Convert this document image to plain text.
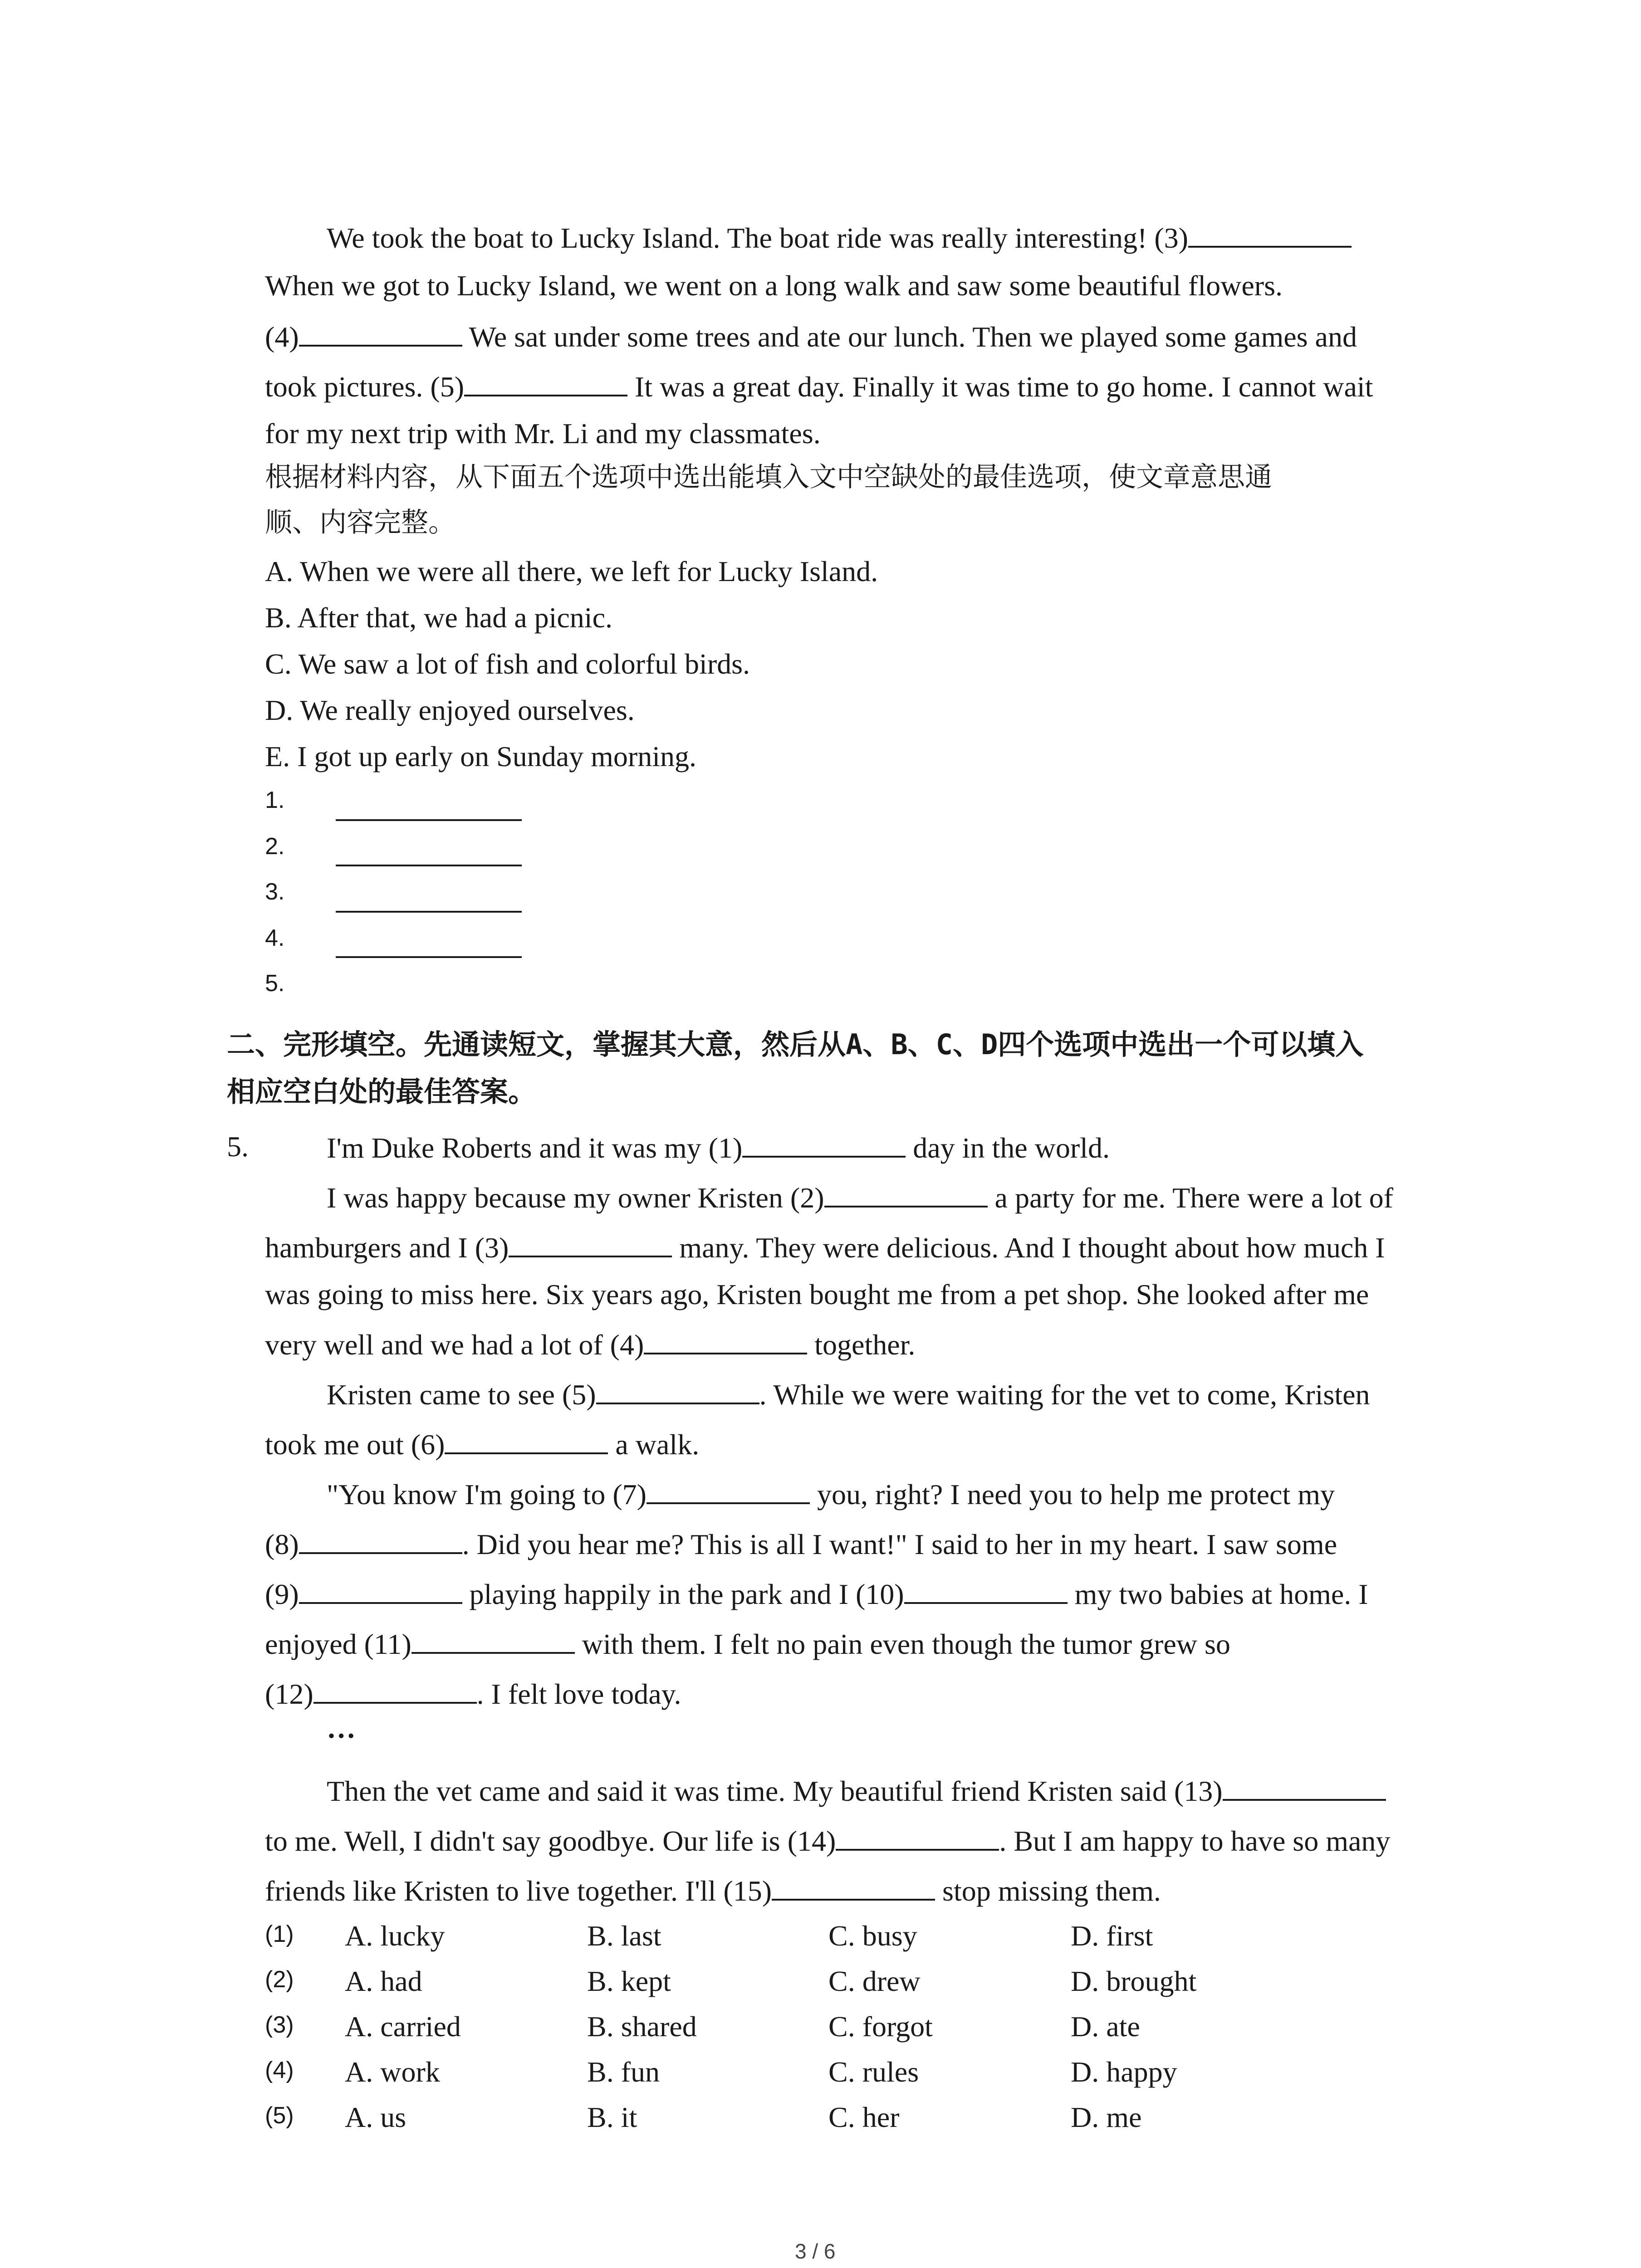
We took the boat to Lucky Island. The boat ride was really interesting! (3)
When we got to Lucky Island, we went on a long walk and saw some beautiful flowers.
(4)	We sat under some trees and ate our lunch. Then we played some games and
took pictures. (5)	It was a great day. Finally it was time to go home. I cannot wait
for my next trip with Mr. Li and my classmates.
根据材料内容，从下面五个选项中选出能填入文中空缺处的最佳选项，使文章意思通
顺、内容完整。
A. When we were all there, we left for Lucky Island.
B. After that, we had a picnic.
C. We saw a lot of fish and colorful birds.
D. We really enjoyed ourselves.
E. I got up early on Sunday morning.
1.
2.
3.
4.
5.
二、完形填空。先通读短文，掌握其大意，然后从A、B、C、D四个选项中选出一个可以填入
相应空白处的最佳答案。
5.	I'm Duke Roberts and it was my (1)	day in the world.
I was happy because my owner Kristen (2)	a party for me. There were a lot of
hamburgers and I (3)	many. They were delicious. And I thought about how much I
was going to miss here. Six years ago, Kristen bought me from a pet shop. She looked after me
very well and we had a lot of (4)	together.
Kristen came to see (5)	. While we were waiting for the vet to come, Kristen
took me out (6)	a walk.
"You know I'm going to (7)	you, right? I need you to help me protect my
(8)	. Did you hear me? This is all I want!" I said to her in my heart. I saw some
(9)	playing happily in the park and I (10)	my two babies at home. I
enjoyed (11)	with them. I felt no pain even though the tumor grew so
(12)	. I felt love today.
…
Then the vet came and said it was time. My beautiful friend Kristen said (13)
to me. Well, I didn't say goodbye. Our life is (14)	. But I am happy to have so many
friends like Kristen to live together. I'll (15)	stop missing them.
(1) A. lucky	B. last	C. busy	D. first
(2) A. had	B. kept	C. drew	D. brought
(3) A. carried	B. shared	C. forgot	D. ate
(4) A. work	B. fun	C. rules	D. happy
(5) A. us	B. it	C. her	D. me
3 / 6
